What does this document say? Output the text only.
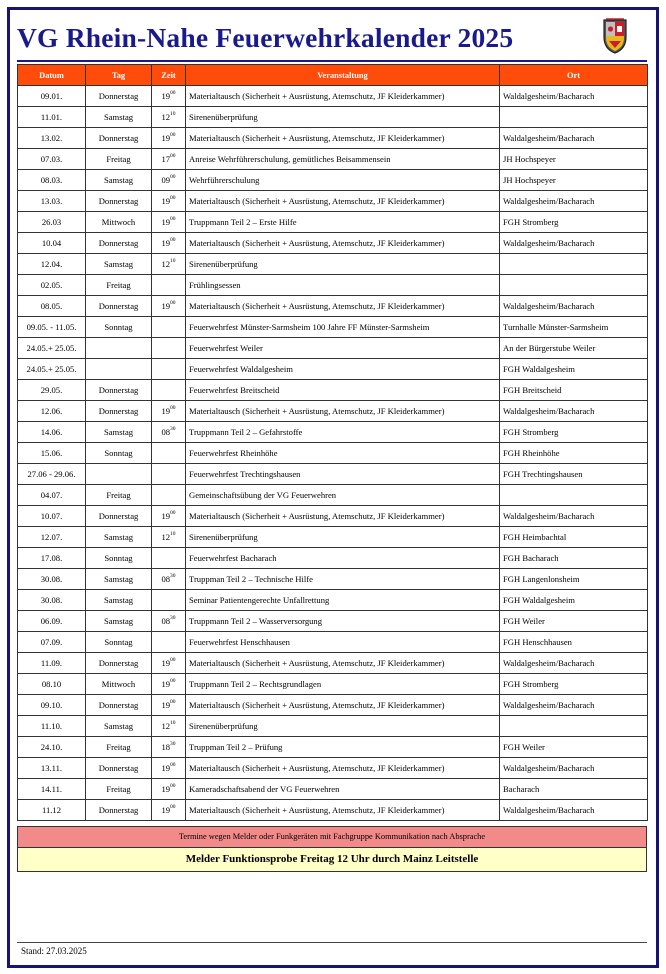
VG Rhein-Nahe Feuerwehrkalender 2025
Datum	Tag	Zeit	Veranstaltung	Ort
09.01.	Donnerstag	$19^{00}$	Materialtausch (Sicherheit + Ausrüstung, Atemschutz, JF Kleiderkammer)	Waldalgesheim/Bacharach
11.01.	Samstag	$12^{10}$	Sirenenüberprüfung	
13.02.	Donnerstag	$19^{00}$	Materialtausch (Sicherheit + Ausrüstung, Atemschutz, JF Kleiderkammer)	Waldalgesheim/Bacharach
07.03.	Freitag	$17^{00}$	Anreise Wehrführerschulung, gemütliches Beisammensein	JH Hochspeyer
08.03.	Samstag	$09^{00}$	Wehrführerschulung	JH Hochspeyer
13.03.	Donnerstag	$19^{00}$	Materialtausch (Sicherheit + Ausrüstung, Atemschutz, JF Kleiderkammer)	Waldalgesheim/Bacharach
26.03	Mittwoch	$19^{00}$	Truppmann Teil 2 – Erste Hilfe	FGH Stromberg
10.04	Donnerstag	$19^{00}$	Materialtausch (Sicherheit + Ausrüstung, Atemschutz, JF Kleiderkammer)	Waldalgesheim/Bacharach
12.04.	Samstag	$12^{10}$	Sirenenüberprüfung	
02.05.	Freitag		Frühlingsessen	
08.05.	Donnerstag	$19^{00}$	Materialtausch (Sicherheit + Ausrüstung, Atemschutz, JF Kleiderkammer)	Waldalgesheim/Bacharach
09.05. - 11.05.	Sonntag		Feuerwehrfest Münster-Sarmsheim 100 Jahre FF Münster-Sarmsheim	Turnhalle Münster-Sarmsheim
24.05.+ 25.05.			Feuerwehrfest Weiler	An der Bürgerstube Weiler
24.05.+ 25.05.			Feuerwehrfest Waldalgesheim	FGH Waldalgesheim
29.05.	Donnerstag		Feuerwehrfest Breitscheid	FGH Breitscheid
12.06.	Donnerstag	$19^{00}$	Materialtausch (Sicherheit + Ausrüstung, Atemschutz, JF Kleiderkammer)	Waldalgesheim/Bacharach
14.06.	Samstag	$08^{30}$	Truppmann Teil 2 – Gefahrstoffe	FGH Stromberg
15.06.	Sonntag		Feuerwehrfest Rheinhöhe	FGH Rheinhöhe
27.06 - 29.06.			Feuerwehrfest Trechtingshausen	FGH Trechtingshausen
04.07.	Freitag		Gemeinschaftsübung der VG Feuerwehren	
10.07.	Donnerstag	$19^{00}$	Materialtausch (Sicherheit + Ausrüstung, Atemschutz, JF Kleiderkammer)	Waldalgesheim/Bacharach
12.07.	Samstag	$12^{10}$	Sirenenüberprüfung	FGH Heimbachtal
17.08.	Sonntag		Feuerwehrfest Bacharach	FGH Bacharach
30.08.	Samstag	$08^{30}$	Truppman Teil 2 – Technische Hilfe	FGH Langenlonsheim
30.08.	Samstag		Seminar Patientengerechte Unfallrettung	FGH Waldalgesheim
06.09.	Samstag	$08^{30}$	Truppmann Teil 2 – Wasserversorgung	FGH Weiler
07.09.	Sonntag		Feuerwehrfest Henschhausen	FGH Henschhausen
11.09.	Donnerstag	$19^{00}$	Materialtausch (Sicherheit + Ausrüstung, Atemschutz, JF Kleiderkammer)	Waldalgesheim/Bacharach
08.10	Mittwoch	$19^{00}$	Truppmann Teil 2 – Rechtsgrundlagen	FGH Stromberg
09.10.	Donnerstag	$19^{00}$	Materialtausch (Sicherheit + Ausrüstung, Atemschutz, JF Kleiderkammer)	Waldalgesheim/Bacharach
11.10.	Samstag	$12^{10}$	Sirenenüberprüfung	
24.10.	Freitag	$18^{30}$	Truppman Teil 2 – Prüfung	FGH Weiler
13.11.	Donnerstag	$19^{00}$	Materialtausch (Sicherheit + Ausrüstung, Atemschutz, JF Kleiderkammer)	Waldalgesheim/Bacharach
14.11.	Freitag	$19^{00}$	Kameradschaftsabend der VG Feuerwehren	Bacharach
11.12	Donnerstag	$19^{00}$	Materialtausch (Sicherheit + Ausrüstung, Atemschutz, JF Kleiderkammer)	Waldalgesheim/Bacharach
Termine wegen Melder oder Funkgeräten mit Fachgruppe Kommunikation nach Absprache
Melder Funktionsprobe Freitag 12 Uhr durch Mainz Leitstelle
Stand: 27.03.2025
